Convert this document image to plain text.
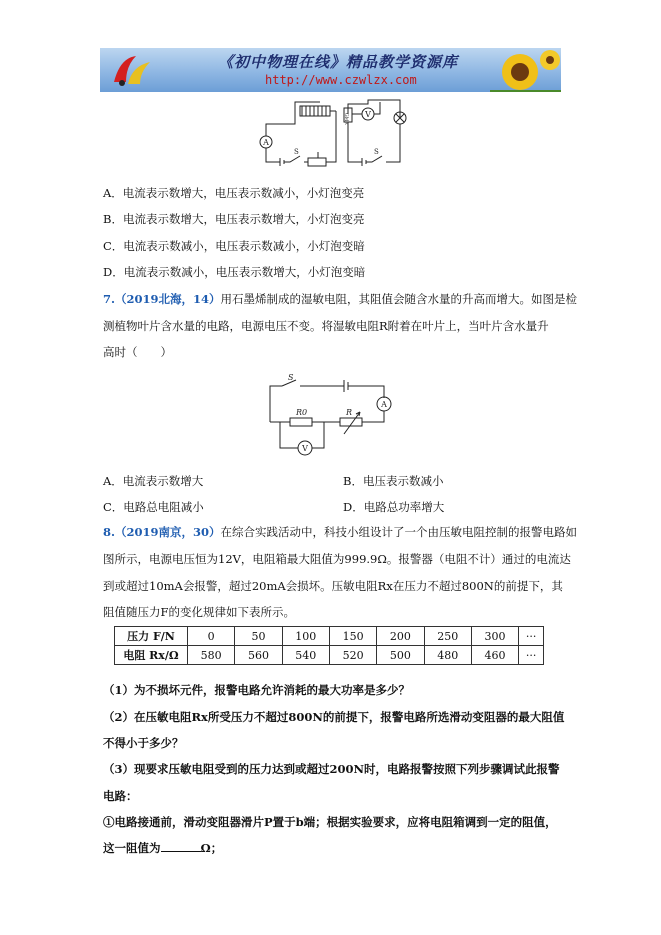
《初中物理在线》精品教学资源库
http://www.czwlzx.com
A
V
S	S
GMR
A．电流表示数增大，电压表示数减小，小灯泡变亮
B．电流表示数增大，电压表示数增大，小灯泡变亮
C．电流表示数减小，电压表示数减小，小灯泡变暗
D．电流表示数减小，电压表示数增大，小灯泡变暗
7.（2019北海，14）用石墨烯制成的湿敏电阻，其阻值会随含水量的升高而增大。如图是检
测植物叶片含水量的电路，电源电压不变。将湿敏电阻R附着在叶片上，当叶片含水量升
高时（　　）
S
R0	R
A
V
A．电流表示数增大	B．电压表示数减小
C．电路总电阻减小	D．电路总功率增大
8.（2019南京，30）在综合实践活动中，科技小组设计了一个由压敏电阻控制的报警电路如
图所示，电源电压恒为12V，电阻箱最大阻值为999.9Ω。报警器（电阻不计）通过的电流达
到或超过10mA会报警，超过20mA会损坏。压敏电阻Rx在压力不超过800N的前提下，其
阻值随压力F的变化规律如下表所示。
压力 F/N	0	50	100	150	200	250	300	···
电阻 Rx/Ω	580	560	540	520	500	480	460	···
（1）为不损坏元件，报警电路允许消耗的最大功率是多少？
（2）在压敏电阻Rx所受压力不超过800N的前提下，报警电路所选滑动变阻器的最大阻值
不得小于多少？
（3）现要求压敏电阻受到的压力达到或超过200N时，电路报警按照下列步骤调试此报警
电路：
①电路接通前，滑动变阻器滑片P置于b端；根据实验要求，应将电阻箱调到一定的阻值，
这一阻值为	Ω；
